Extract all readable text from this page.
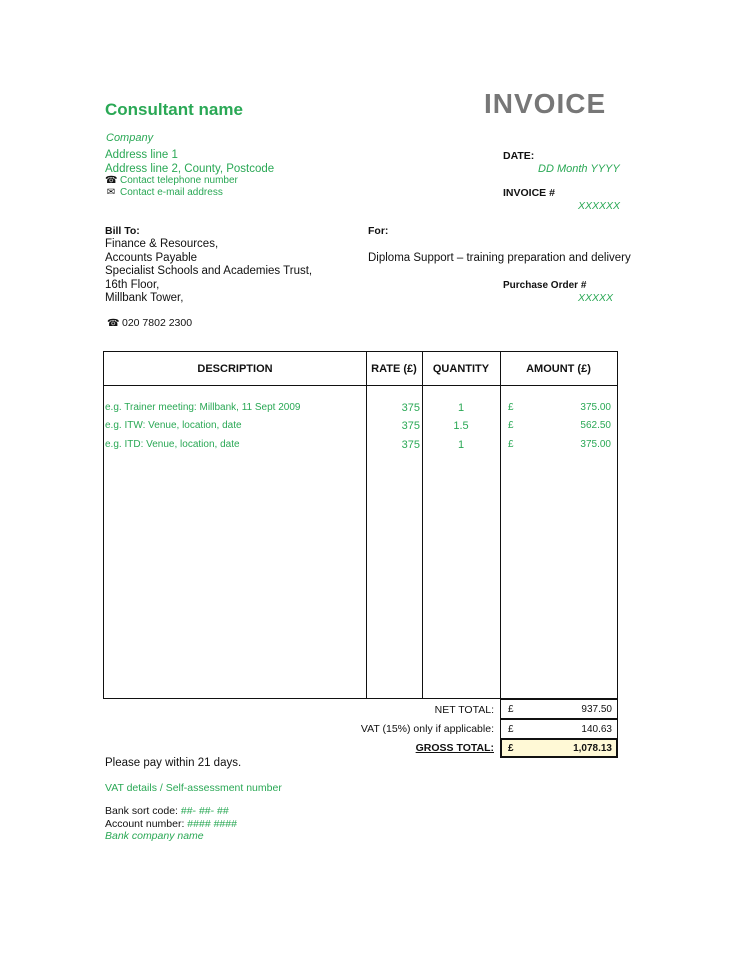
Consultant name	INVOICE
Company
Address line 1
Address line 2, County, Postcode
☎ Contact telephone number
✉ Contact e-mail address
DATE:
DD Month YYYY
INVOICE #
XXXXXX
Bill To:
Finance & Resources,
Accounts Payable
Specialist Schools and Academies Trust,
16th Floor,
Millbank Tower,
☎ 020 7802 2300
For:
Diploma Support – training preparation and delivery
Purchase Order #
XXXXX
DESCRIPTION	RATE (£)	QUANTITY	AMOUNT (£)
e.g. Trainer meeting: Millbank, 11 Sept 2009	375	1	£	375.00
e.g. ITW: Venue, location, date	375	1.5	£	562.50
e.g. ITD: Venue, location, date	375	1	£	375.00
NET TOTAL: £	937.50
VAT (15%) only if applicable: £	140.63
GROSS TOTAL: £	1,078.13
Please pay within 21 days.
VAT details / Self-assessment number
Bank sort code: ##- ##- ##
Account number: #### ####
Bank company name
